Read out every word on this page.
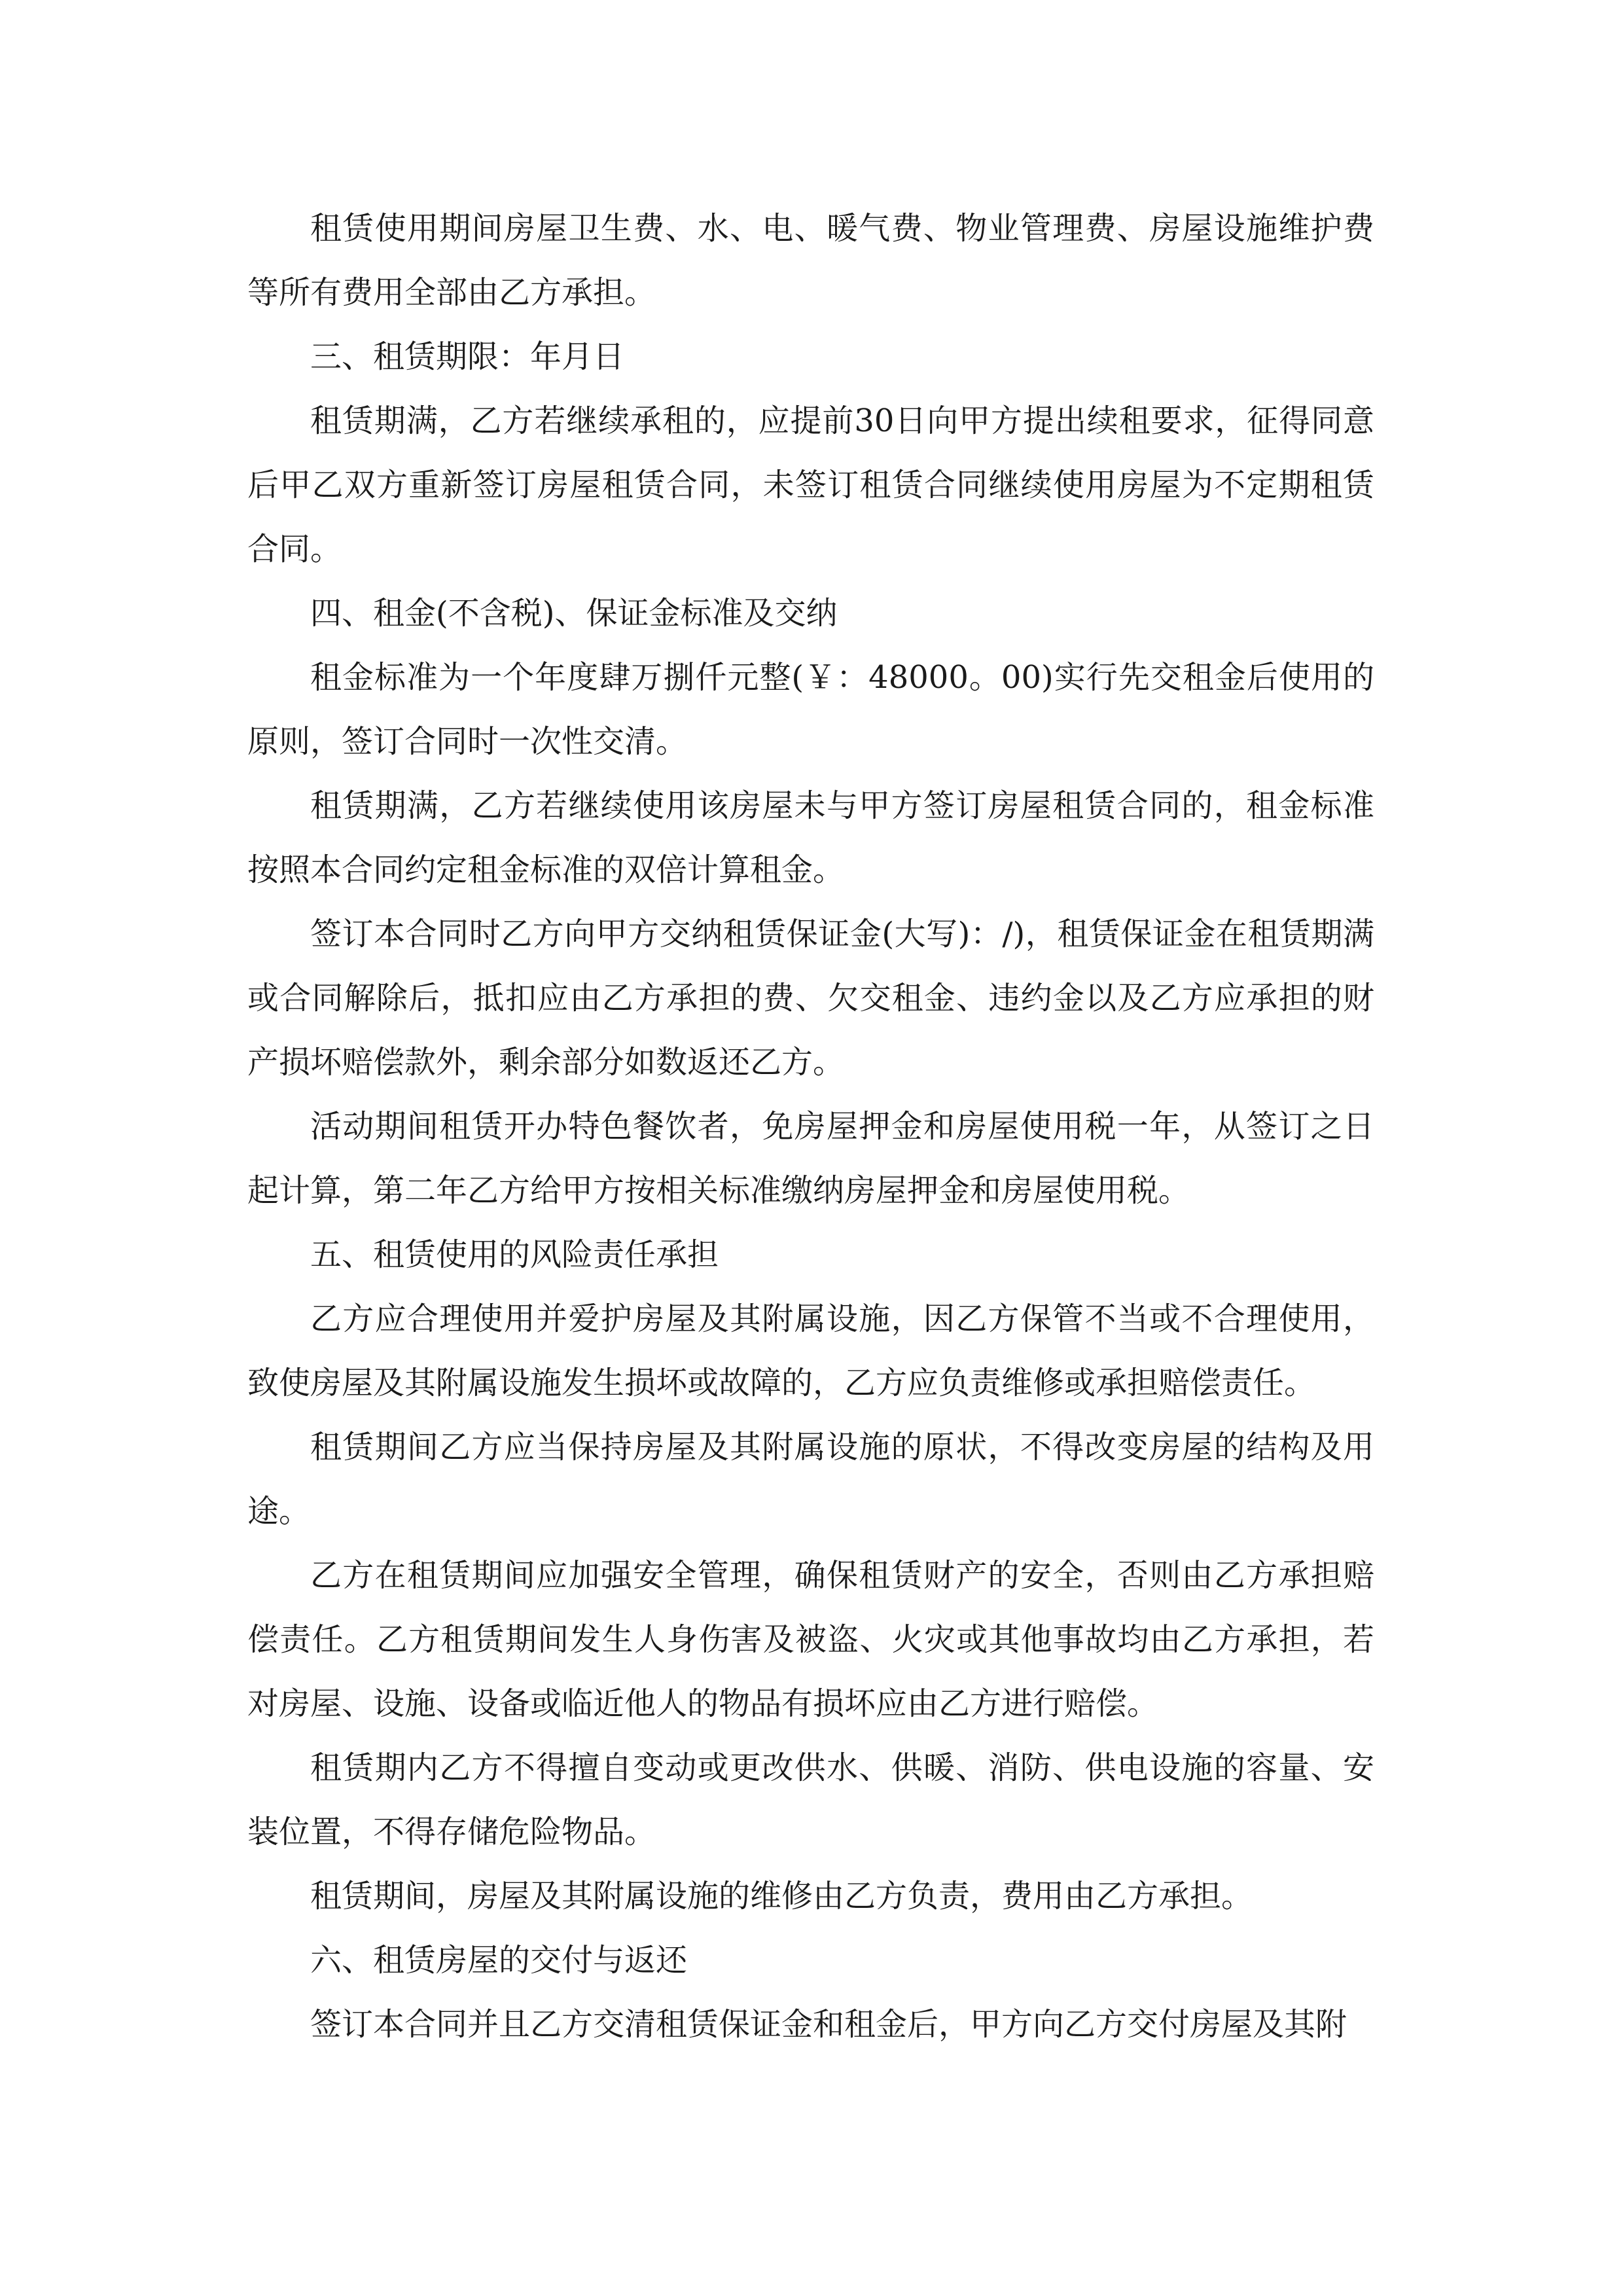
租赁使用期间房屋卫生费、水、电、暖气费、物业管理费、房屋设施维护费等所有费用全部由乙方承担。

三、租赁期限：年月日

租赁期满，乙方若继续承租的，应提前30日向甲方提出续租要求，征得同意后甲乙双方重新签订房屋租赁合同，未签订租赁合同继续使用房屋为不定期租赁合同。

四、租金(不含税)、保证金标准及交纳

租金标准为一个年度肆万捌仟元整(￥：48000。00)实行先交租金后使用的原则，签订合同时一次性交清。

租赁期满，乙方若继续使用该房屋未与甲方签订房屋租赁合同的，租金标准按照本合同约定租金标准的双倍计算租金。

签订本合同时乙方向甲方交纳租赁保证金(大写)：/)，租赁保证金在租赁期满或合同解除后，抵扣应由乙方承担的费、欠交租金、违约金以及乙方应承担的财产损坏赔偿款外，剩余部分如数返还乙方。

活动期间租赁开办特色餐饮者，免房屋押金和房屋使用税一年，从签订之日起计算，第二年乙方给甲方按相关标准缴纳房屋押金和房屋使用税。

五、租赁使用的风险责任承担

乙方应合理使用并爱护房屋及其附属设施，因乙方保管不当或不合理使用，致使房屋及其附属设施发生损坏或故障的，乙方应负责维修或承担赔偿责任。

租赁期间乙方应当保持房屋及其附属设施的原状，不得改变房屋的结构及用途。

乙方在租赁期间应加强安全管理，确保租赁财产的安全，否则由乙方承担赔偿责任。乙方租赁期间发生人身伤害及被盗、火灾或其他事故均由乙方承担，若对房屋、设施、设备或临近他人的物品有损坏应由乙方进行赔偿。

租赁期内乙方不得擅自变动或更改供水、供暖、消防、供电设施的容量、安装位置，不得存储危险物品。

租赁期间，房屋及其附属设施的维修由乙方负责，费用由乙方承担。

六、租赁房屋的交付与返还

签订本合同并且乙方交清租赁保证金和租金后，甲方向乙方交付房屋及其附
